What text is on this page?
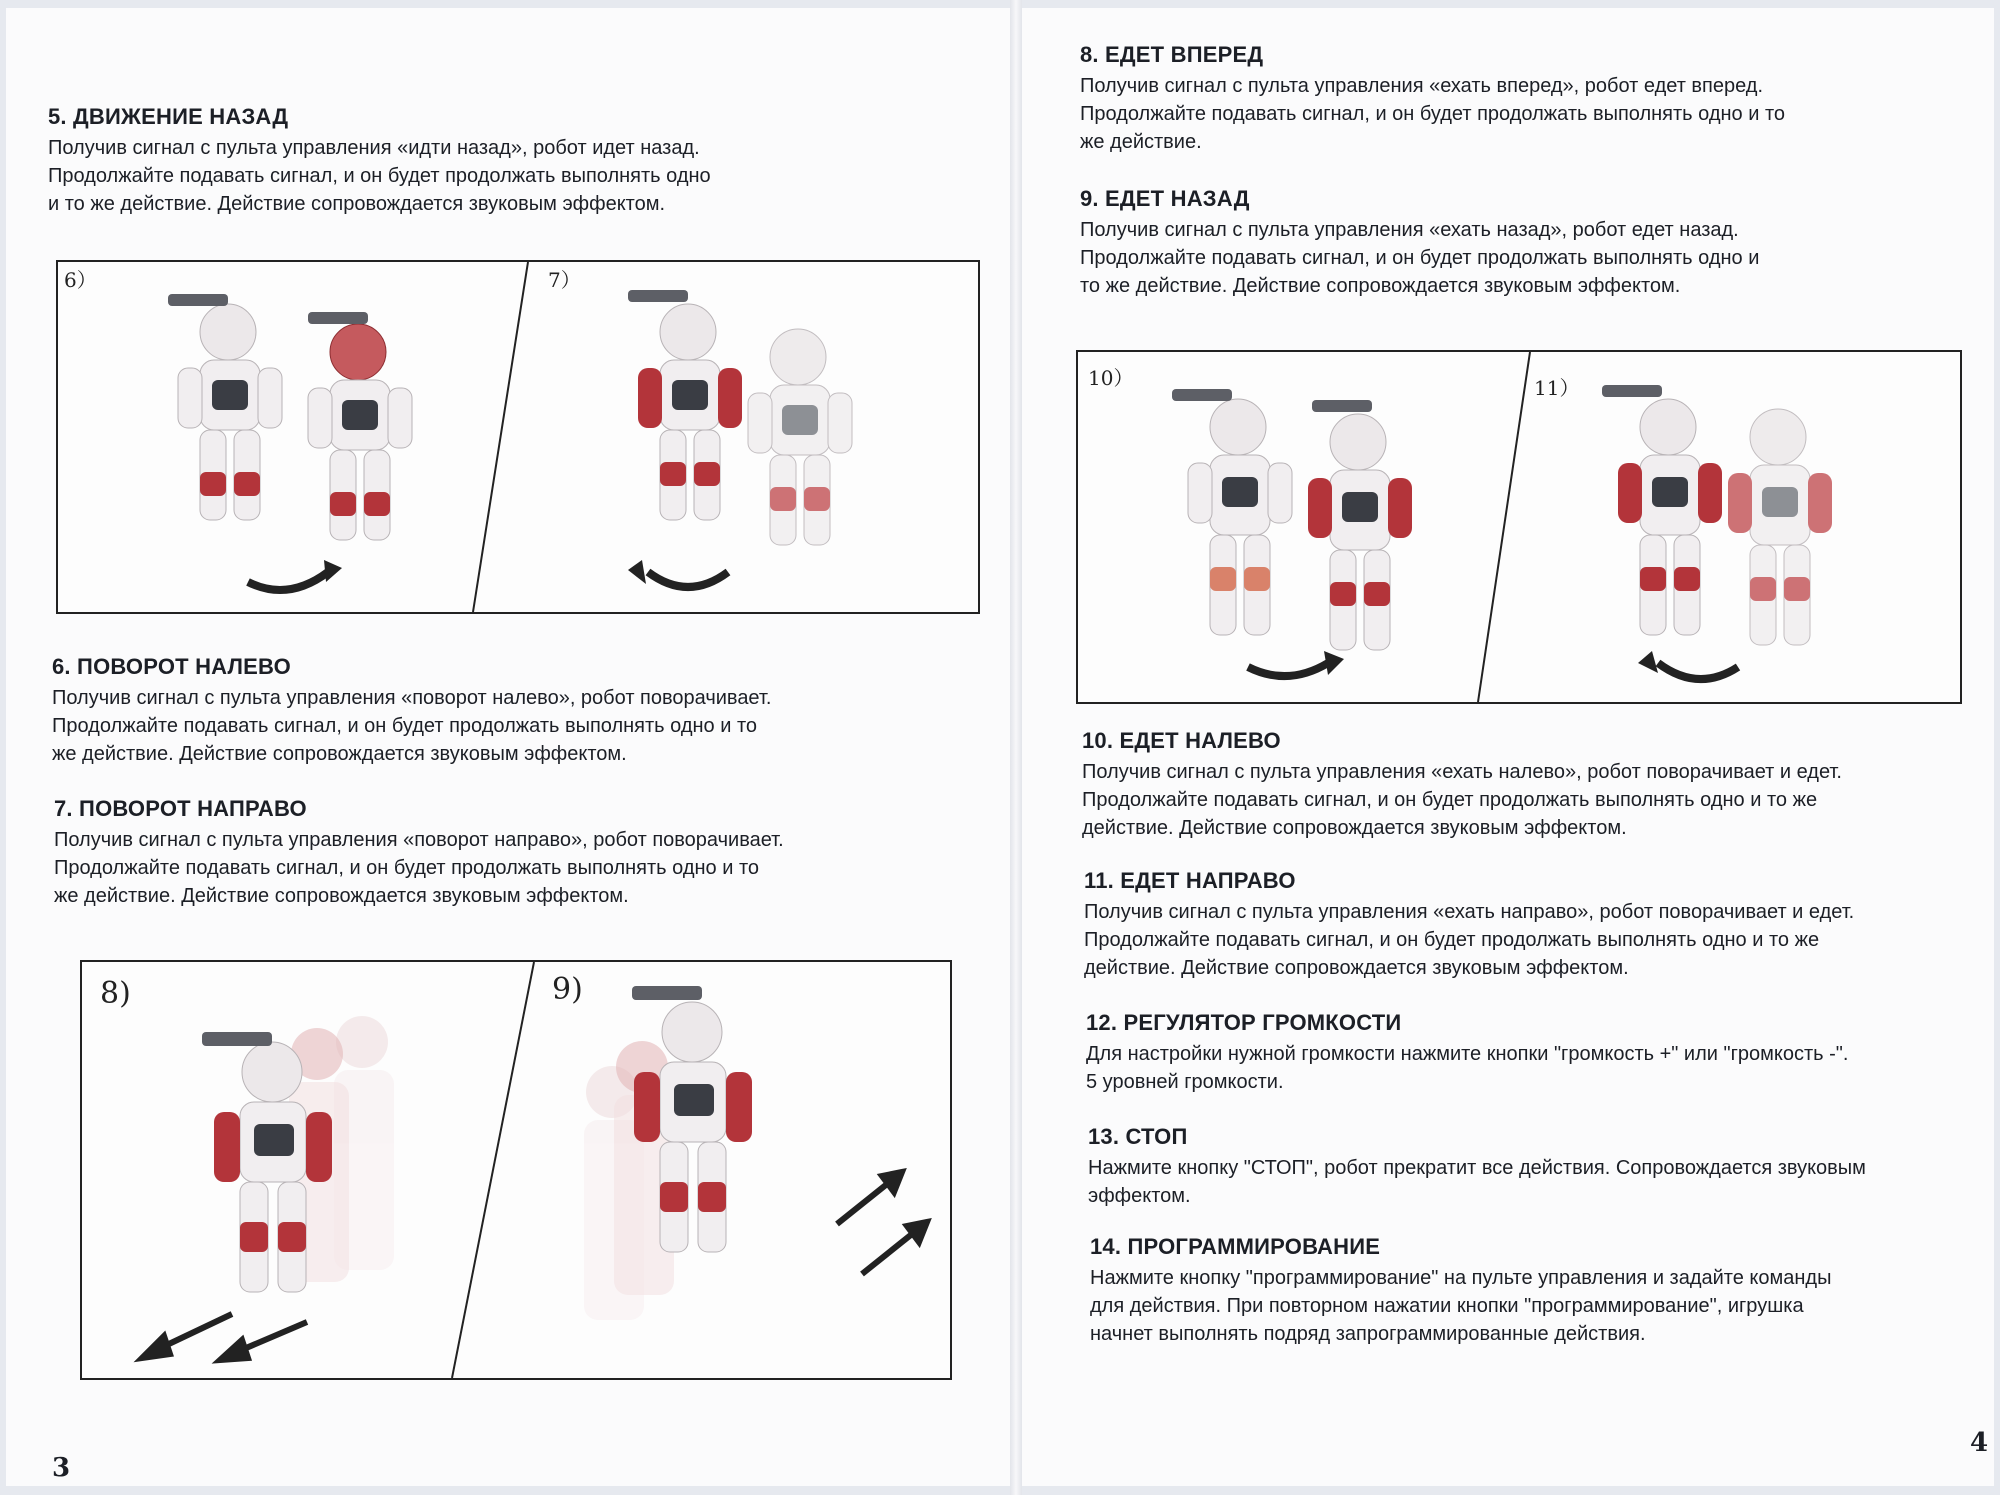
5. ДВИЖЕНИЕ НАЗАД

Получив сигнал с пульта управления «идти назад», робот идет назад.
Продолжайте подавать сигнал, и он будет продолжать выполнять одно
и то же действие. Действие сопровождается звуковым эффектом.

6）	7）
6. ПОВОРОТ НАЛЕВО

Получив сигнал с пульта управления «поворот налево», робот поворачивает.
Продолжайте подавать сигнал, и он будет продолжать выполнять одно и то
же действие. Действие сопровождается звуковым эффектом.

7. ПОВОРОТ НАПРАВО

Получив сигнал с пульта управления «поворот направо», робот поворачивает.
Продолжайте подавать сигнал, и он будет продолжать выполнять одно и то
же действие. Действие сопровождается звуковым эффектом.

8)	9)
3
8. ЕДЕТ ВПЕРЕД

Получив сигнал с пульта управления «ехать вперед», робот едет вперед.
Продолжайте подавать сигнал, и он будет продолжать выполнять одно и то
же действие.

9. ЕДЕТ НАЗАД

Получив сигнал с пульта управления «ехать назад», робот едет назад.
Продолжайте подавать сигнал, и он будет продолжать выполнять одно и
то же действие. Действие сопровождается звуковым эффектом.

10）	11）
10. ЕДЕТ НАЛЕВО

Получив сигнал с пульта управления «ехать налево», робот поворачивает и едет.
Продолжайте подавать сигнал, и он будет продолжать выполнять одно и то же
действие. Действие сопровождается звуковым эффектом.

11. ЕДЕТ НАПРАВО

Получив сигнал с пульта управления «ехать направо», робот поворачивает и едет.
Продолжайте подавать сигнал, и он будет продолжать выполнять одно и то же
действие. Действие сопровождается звуковым эффектом.

12. РЕГУЛЯТОР ГРОМКОСТИ

Для настройки нужной громкости нажмите кнопки "громкость +" или "громкость -".
5 уровней громкости.

13. СТОП

Нажмите кнопку "СТОП", робот прекратит все действия. Сопровождается звуковым
эффектом.

14. ПРОГРАММИРОВАНИЕ

Нажмите кнопку "программирование" на пульте управления и задайте команды
для действия. При повторном нажатии кнопки "программирование", игрушка
начнет выполнять подряд запрограммированные действия.

4
